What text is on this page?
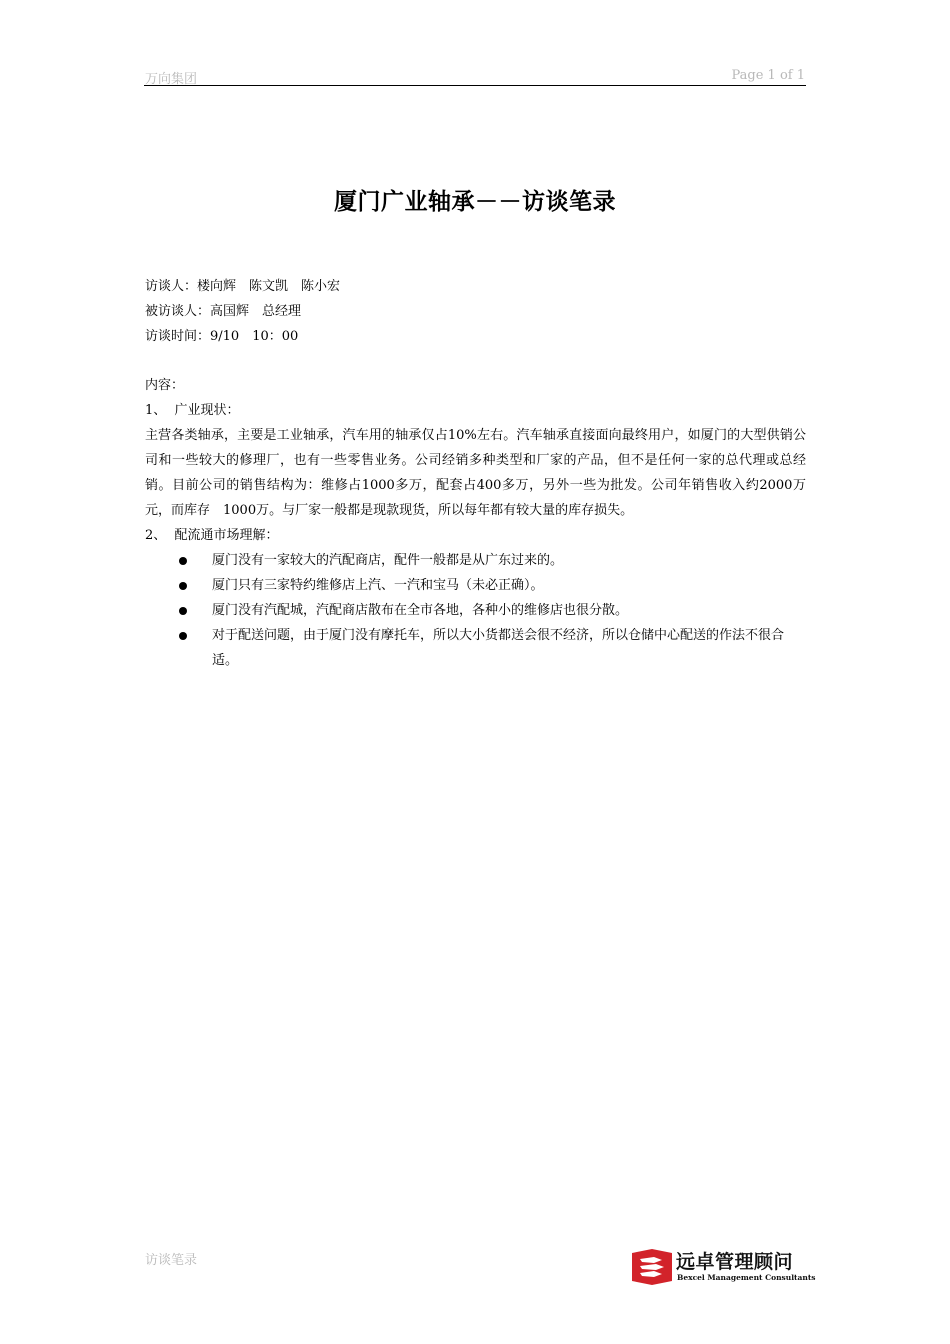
万向集团	Page 1 of 1
厦门广业轴承－－访谈笔录
访谈人：楼向辉　陈文凯　陈小宏
被访谈人：高国辉　总经理
访谈时间：9/10　10：00
内容：
1、  广业现状：
主营各类轴承，主要是工业轴承，汽车用的轴承仅占10%左右。汽车轴承直接面向最终用户，如厦门的大型供销公司和一些较大的修理厂，也有一些零售业务。公司经销多种类型和厂家的产品，但不是任何一家的总代理或总经销。目前公司的销售结构为：维修占1000多万，配套占400多万，另外一些为批发。公司年销售收入约2000万元，而库存　1000万。与厂家一般都是现款现货，所以每年都有较大量的库存损失。
2、  配流通市场理解：
厦门没有一家较大的汽配商店，配件一般都是从广东过来的。
厦门只有三家特约维修店上汽、一汽和宝马（未必正确）。
厦门没有汽配城，汽配商店散布在全市各地，各种小的维修店也很分散。
对于配送问题，由于厦门没有摩托车，所以大小货都送会很不经济，所以仓储中心配送的作法不很合适。
访谈笔录	远卓管理顾问
Bexcel Management Consultants
